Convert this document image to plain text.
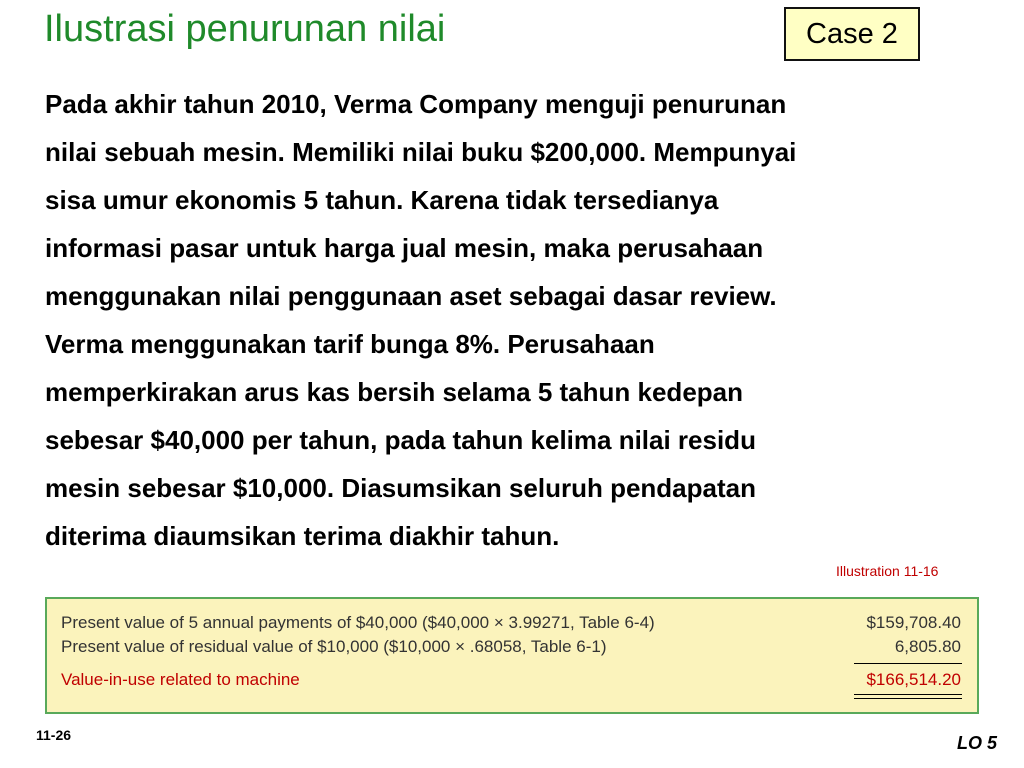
Ilustrasi penurunan nilai	Case 2
Pada akhir tahun 2010, Verma Company menguji penurunan
nilai sebuah mesin. Memiliki nilai buku $200,000. Mempunyai
sisa umur ekonomis 5 tahun. Karena tidak tersedianya
informasi pasar untuk harga jual mesin, maka perusahaan
menggunakan nilai penggunaan aset sebagai dasar review.
Verma menggunakan tarif bunga 8%. Perusahaan
memperkirakan arus kas bersih selama 5 tahun kedepan
sebesar $40,000 per tahun, pada tahun kelima nilai residu
mesin sebesar $10,000. Diasumsikan seluruh pendapatan
diterima diaumsikan terima diakhir tahun.
Illustration 11-16
Present value of 5 annual payments of $40,000 ($40,000 × 3.99271, Table 6-4)	$159,708.40
Present value of residual value of $10,000 ($10,000 × .68058, Table 6-1)	6,805.80
Value-in-use related to machine	$166,514.20
11-26	LO 5
